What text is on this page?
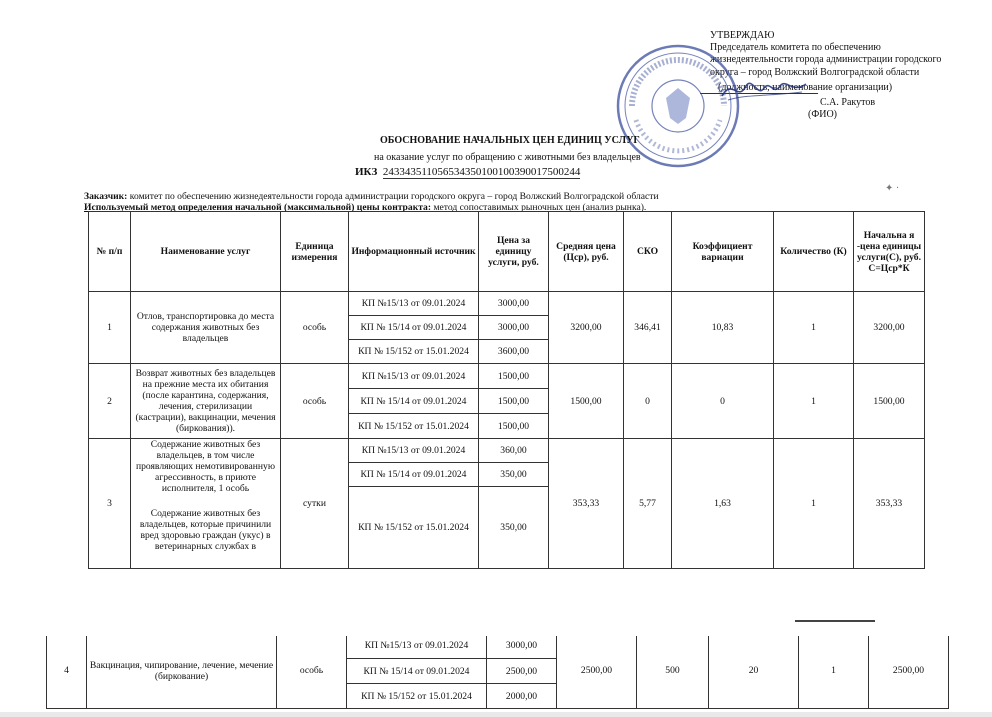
УТВЕРЖДАЮ
Председатель комитета по обеспечению
жизнедеятельности города администрации городского
округа – город Волжский Волгоградской области
(должность, наименование организации)
С.А. Ракутов
(ФИО)
ОБОСНОВАНИЕ НАЧАЛЬНЫХ ЦЕН ЕДИНИЦ УСЛУГ
на оказание услуг по обращению с животными без владельцев
ИКЗ 243343511056534350100100390017500244
✦ ·
Заказчик: комитет по обеспечению жизнедеятельности города администрации городского округа – город Волжский Волгоградской области
Используемый метод определения начальной (максимальной) цены контракта: метод сопоставимых рыночных цен (анализ рынка).
№ п/п	Наименование услуг	Единица измерения	Информационный источник	Цена за единицу услуги, руб.	Средняя цена (Цср), руб.	СКО	Коэффициент вариации	Количество (К)	Начальна я -цена единицы услуги(С), руб. С=Цср*К
1	Отлов, транспортировка до места содержания животных без владельцев	особь	КП №15/13 от 09.01.2024	3000,00	3200,00	346,41	10,83	1	3200,00
			КП № 15/14 от 09.01.2024	3000,00					
			КП № 15/152 от 15.01.2024	3600,00					
2	Возврат животных без владельцев на прежние места их обитания (после карантина, содержания, лечения, стерилизации (кастрации), вакцинации, мечения (биркования)).	особь	КП №15/13 от 09.01.2024	1500,00	1500,00	0	0	1	1500,00
			КП № 15/14 от 09.01.2024	1500,00					
			КП № 15/152 от 15.01.2024	1500,00					
3	Содержание животных без владельцев, в том числе проявляющих немотивированную агрессивность, в приюте исполнителя, 1 особь
Содержание животных без владельцев, которые причинили вред здоровью граждан (укус) в ветеринарных службах в	сутки	КП №15/13 от 09.01.2024	360,00	353,33	5,77	1,63	1	353,33
			КП № 15/14 от 09.01.2024	350,00					
			КП № 15/152 от 15.01.2024	350,00					
4	Вакцинация, чипирование, лечение, мечение (биркование)	особь	КП №15/13 от 09.01.2024	3000,00	2500,00	500	20	1	2500,00
			КП № 15/14 от 09.01.2024	2500,00					
			КП № 15/152 от 15.01.2024	2000,00					
